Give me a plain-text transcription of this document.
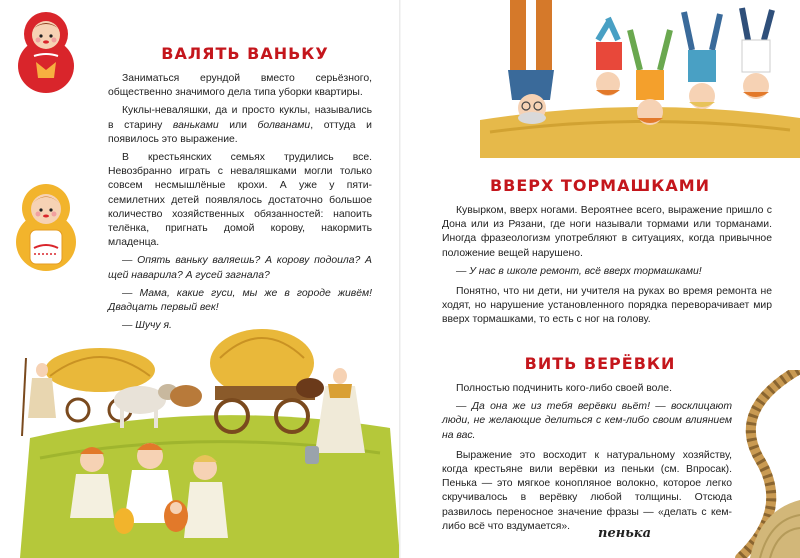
ВАЛЯТЬ ВАНЬКУ

Заниматься ерундой вместо серьёзного, общественно значимого дела типа уборки квартиры.

Куклы-неваляшки, да и просто куклы, назывались в старину ваньками или болванами, оттуда и появилось это выражение.

В крестьянских семьях трудились все. Невозбранно играть с неваляшками могли только совсем несмышлёные крохи. А уже у пяти-семилетних детей появлялось достаточно большое количество хозяйственных обязанностей: напоить телёнка, пригнать домой корову, накормить младенца.

— Опять ваньку валяешь? А корову подоила? А щей наварила? А гусей загнала?

— Мама, какие гуси, мы же в городе живём! Двадцать первый век!

— Шучу я.

ВВЕРХ ТОРМАШКАМИ

Кувырком, вверх ногами. Вероятнее всего, выражение пришло с Дона или из Рязани, где ноги называли тормами или торманами. Иногда фразеологизм употребляют в ситуациях, когда привычное положение вещей нарушено.

— У нас в школе ремонт, всё вверх тормашками!

Понятно, что ни дети, ни учителя на руках во время ремонта не ходят, но нарушение установленного порядка переворачивает мир вверх тормашками, то есть с ног на голову.

ВИТЬ ВЕРЁВКИ

Полностью подчинить кого-либо своей воле.

— Да она же из тебя верёвки вьёт! — восклицают люди, не желающие делиться с кем-либо своим влиянием на вас.

Выражение это восходит к натуральному хозяйству, когда крестьяне вили верёвки из пеньки (см. Впросак). Пенька — это мягкое конопляное волокно, которое легко скручивалось в верёвку любой толщины. Отсюда развилось переносное значение фразы — «делать с кем-либо всё что вздумается».	пенька
